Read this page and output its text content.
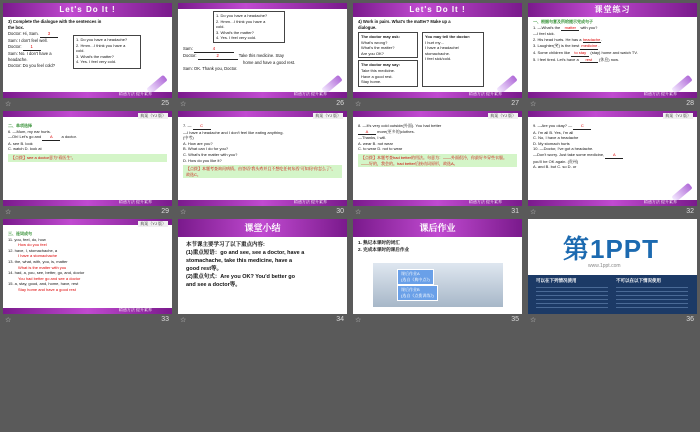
Let's Do It !
3) Complete the dialogue with the sentences in
the box.
Doctor: Hi, Sam. 3
Sam: I don't feel well.
Doctor: 1
Sam: No. I don't have a
headache.
Doctor: Do you feel cold?
1. Do you have a headache?
2. Hmm…I think you have a
cold.
3. What's the matter?
4. Yes. I feel very cold.
精通方法 提升素养
☆	25
1. Do you have a headache?
2. Hmm…I think you have a
cold.
3. What's the matter?
4. Yes. I feel very cold.
Sam:	4
Doctor:	2	Take this medicine. Stay
home and have a good rest.
Sam: OK. Thank you, Doctor.
精通方法 提升素养
☆	26
Let's Do It !
4) Work in pairs. What's the matter? Make up a
dialogue.
The doctor may ask:
What's wrong?
What's the matter?
Are you OK?
The doctor may say:
Take this medicine.
Have a good rest.
Stay home.
You may tell the doctor:
I hurt my…
I have a headache/
stomachache.
I feel sick/cold.
精通方法 提升素养
☆	27
课堂练习
一、根据句意及所给提示完成句子
1. —What's the matter with you?
—I feel sick.
2. His head hurts. He has a headache.
3. Laughter(笑) is the best medicine.
4. Some children like to stay (stay) home and watch TV.
5. I feel tired. Let's have a rest (休息) now.
精通方法 提升素养
☆	28
典案（YJ 版）
二、单项选择
6. —Mum, my ear hurts.
—Oh! Let's go and A a doctor.
A. see B. look
C. watch D. look at
【点拨】see a doctor意为“看医生”。
精通方法 提升素养
☆	29
典案（YJ 版）
7. — C
—I have a headache and I don't feel like eating anything.
(中考)
A. How are you?
B. What can I do for you?
C. What's the matter with you?
D. How do you like it?
【点拨】本题考查询问病情。由答语“我头疼并且不想吃任何东西”可知问“你怎么了”，故选C。
精通方法 提升素养
☆	30
典案（YJ 版）
8. —It's very cold outside(外面). You had better
A more(更多的)clothes.
—Thanks, I will.
A. wear B. not wear
C. to wear D. not to wear
【点拨】本题考查had better的用法。句意为：——外面很冷，你最好多穿些衣服。——好的，我会的。had better后接动词原形，故选A。
精通方法 提升素养
☆	31
典案（YJ 版）
9. —Are you okay? — C
A. I'm all B. Yes, I'm all
C. No, I have a headache
D. My stomach hurts
10. —Doctor, I've got a headache.
—Don't worry. Just take some medicine, A
you'll be OK again. (贵州)
A. and B. but C. so D. or
精通方法 提升素养
☆	32
典案（YJ 版）
三、连词成句
11. you, feel, do, how
How do you feel
12. have, I, stomachache, a
I have a stomachache
13. the, what, with, you, is, matter
What is the matter with you
14. had, a, you, see, better, go, and, doctor
You had better go and see a doctor
15. a, stay, good, and, home, have, rest
Stay home and have a good rest
精通方法 提升素养
☆	33
课堂小结
本节课主要学习了以下重点内容:
(1)重点短语：go and see, see a doctor, have a
stomachache, take this medicine, have a
good rest等。
(2)重点句式：Are you OK? You'd better go
and see a doctor等。
☆	34
课后作业
1. 熟记本课时的词汇
2. 完成本课时的课后作业
课后作业A
(选自《典中点》)
课后作业B
(选自《点拨训练》)
☆	35
第1PPT
www.1ppt.com
可以在下列情况使用	不可以在以下情况使用
☆	36
